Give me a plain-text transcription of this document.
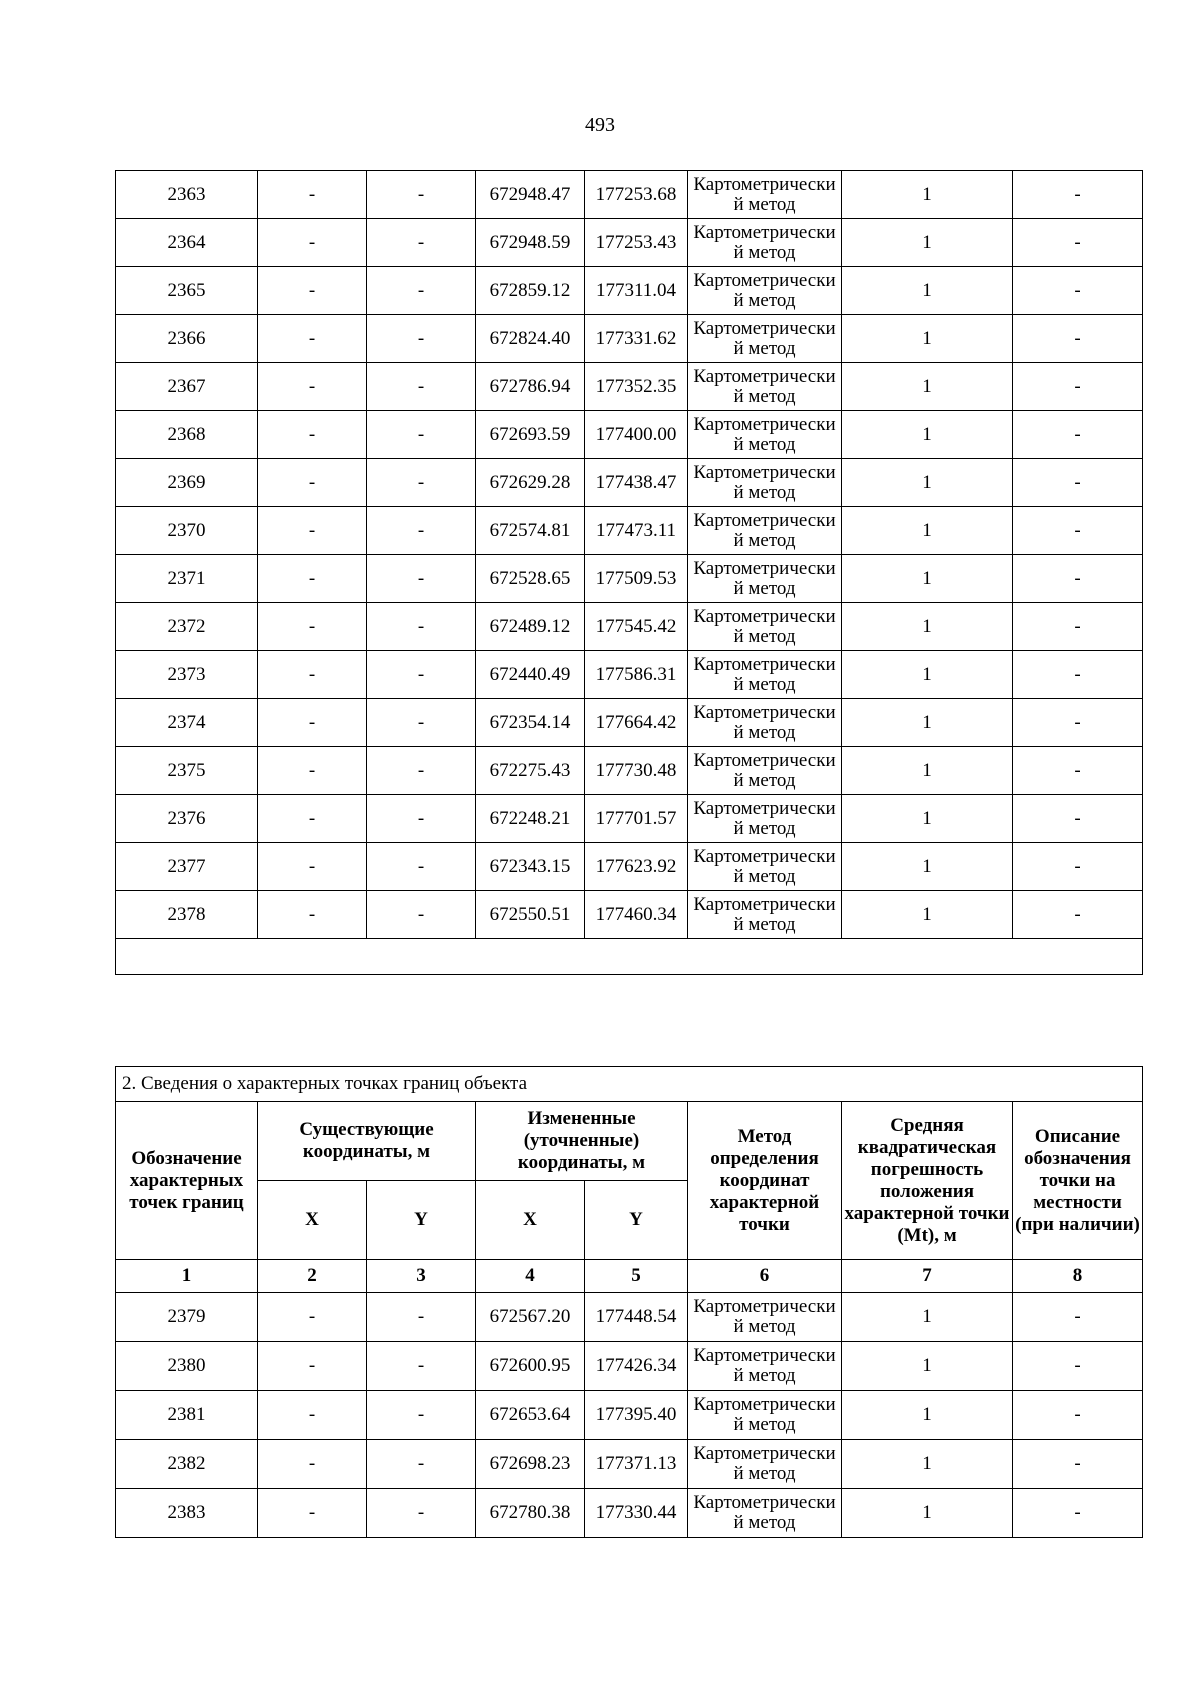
493
2363	-	-	672948.47	177253.68	Картометрический метод	1	-
2364	-	-	672948.59	177253.43	Картометрический метод	1	-
2365	-	-	672859.12	177311.04	Картометрический метод	1	-
2366	-	-	672824.40	177331.62	Картометрический метод	1	-
2367	-	-	672786.94	177352.35	Картометрический метод	1	-
2368	-	-	672693.59	177400.00	Картометрический метод	1	-
2369	-	-	672629.28	177438.47	Картометрический метод	1	-
2370	-	-	672574.81	177473.11	Картометрический метод	1	-
2371	-	-	672528.65	177509.53	Картометрический метод	1	-
2372	-	-	672489.12	177545.42	Картометрический метод	1	-
2373	-	-	672440.49	177586.31	Картометрический метод	1	-
2374	-	-	672354.14	177664.42	Картометрический метод	1	-
2375	-	-	672275.43	177730.48	Картометрический метод	1	-
2376	-	-	672248.21	177701.57	Картометрический метод	1	-
2377	-	-	672343.15	177623.92	Картометрический метод	1	-
2378	-	-	672550.51	177460.34	Картометрический метод	1	-

2. Сведения о характерных точках границ объекта							
Обозначение характерных точек границ	Существующие координаты, м		Измененные (уточненные) координаты, м		Метод определения координат характерной точки	Средняя квадратическая погрешность положения характерной точки (Mt), м	Описание обозначения точки на местности (при наличии)
	X	Y	X	Y			
1	2	3	4	5	6	7	8
2379	-	-	672567.20	177448.54	Картометрический метод	1	-
2380	-	-	672600.95	177426.34	Картометрический метод	1	-
2381	-	-	672653.64	177395.40	Картометрический метод	1	-
2382	-	-	672698.23	177371.13	Картометрический метод	1	-
2383	-	-	672780.38	177330.44	Картометрический метод	1	-
